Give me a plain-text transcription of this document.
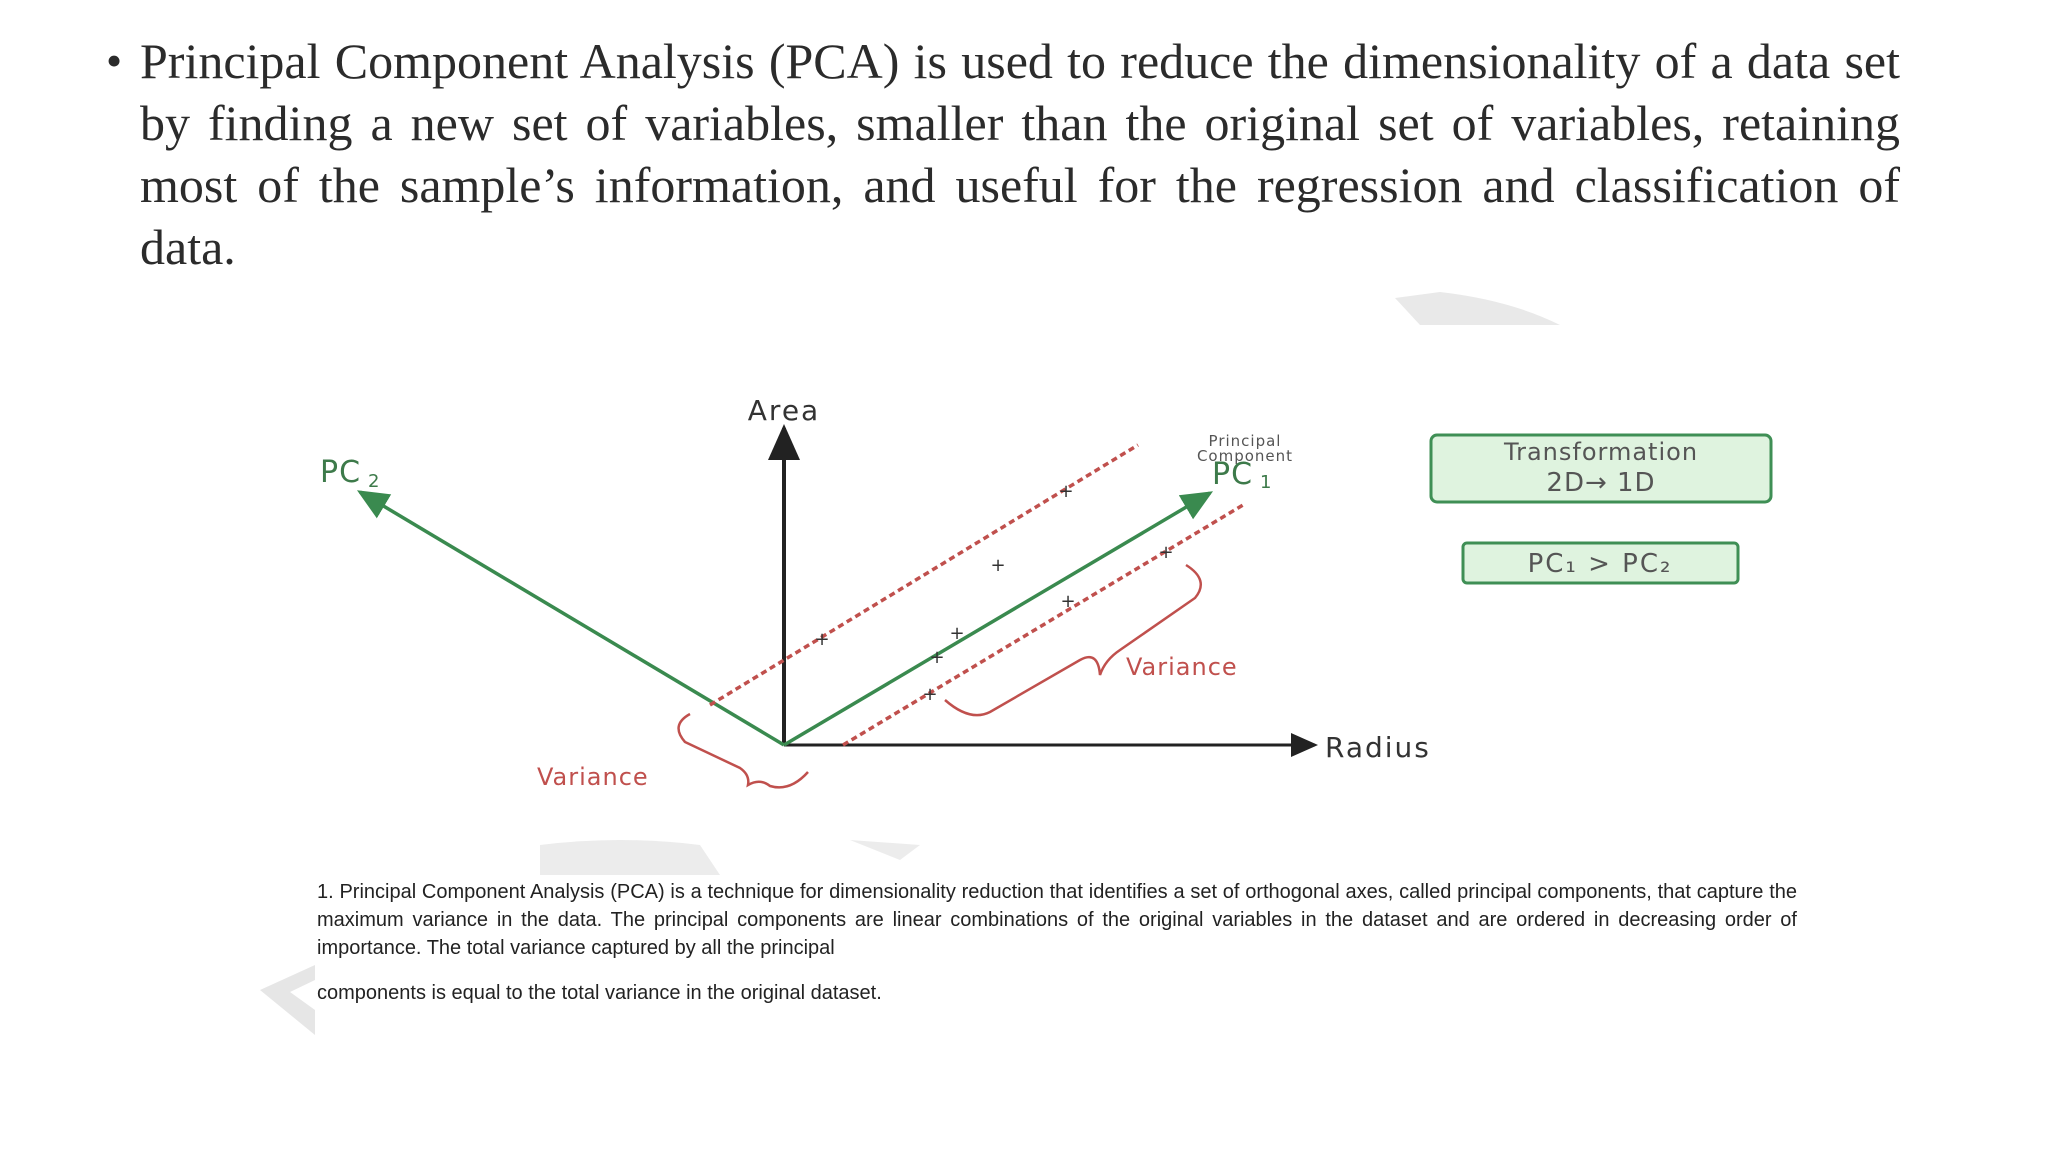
• Principal Component Analysis (PCA) is used to reduce the dimensionality of a data set by finding a new set of variables, smaller than the original set of variables, retaining most of the sample’s information, and useful for the regression and classification of data.

+
+
+
+	+
+
+
+
Area
Radius
Principal
Component
PC 1
PC 2
Variance
Variance
Transformation
2D→ 1D
PC₁ > PC₂

1. Principal Component Analysis (PCA) is a technique for dimensionality reduction that identifies a set of orthogonal axes, called principal components, that capture the maximum variance in the data. The principal components are linear combinations of the original variables in the dataset and are ordered in decreasing order of importance. The total variance captured by all the principal

components is equal to the total variance in the original dataset.
